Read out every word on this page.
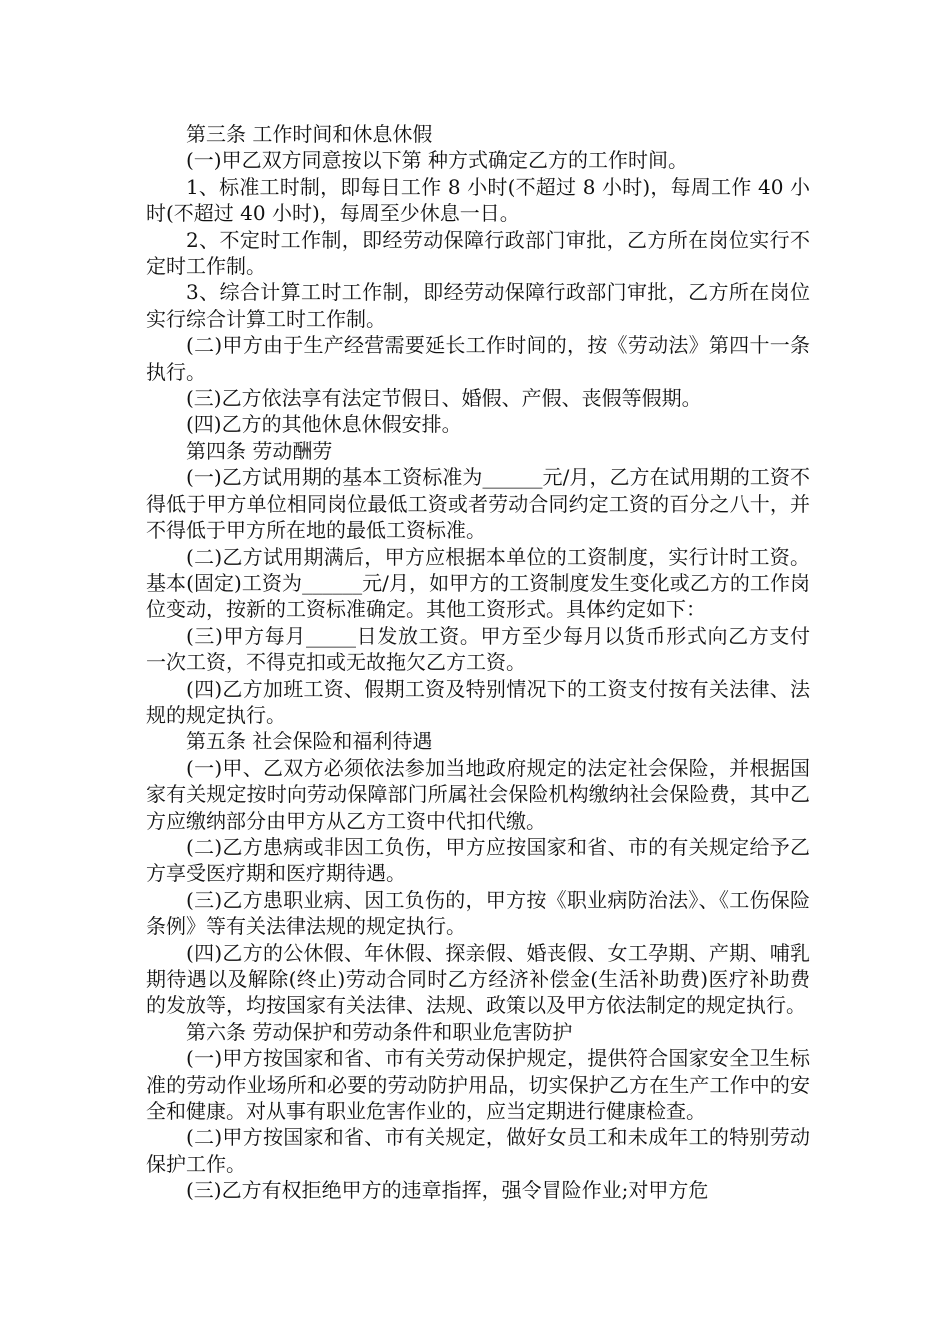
第三条 工作时间和休息休假

(一)甲乙双方同意按以下第 种方式确定乙方的工作时间。

1、标准工时制，即每日工作 8 小时(不超过 8 小时)，每周工作 40 小时(不超过 40 小时)，每周至少休息一日。

2、不定时工作制，即经劳动保障行政部门审批，乙方所在岗位实行不定时工作制。

3、综合计算工时工作制，即经劳动保障行政部门审批，乙方所在岗位实行综合计算工时工作制。

(二)甲方由于生产经营需要延长工作时间的，按《劳动法》第四十一条执行。

(三)乙方依法享有法定节假日、婚假、产假、丧假等假期。

(四)乙方的其他休息休假安排。

第四条 劳动酬劳

(一)乙方试用期的基本工资标准为______元/月，乙方在试用期的工资不得低于甲方单位相同岗位最低工资或者劳动合同约定工资的百分之八十，并不得低于甲方所在地的最低工资标准。

(二)乙方试用期满后，甲方应根据本单位的工资制度，实行计时工资。基本(固定)工资为______元/月，如甲方的工资制度发生变化或乙方的工作岗位变动，按新的工资标准确定。其他工资形式。具体约定如下：

(三)甲方每月_____日发放工资。甲方至少每月以货币形式向乙方支付一次工资，不得克扣或无故拖欠乙方工资。

(四)乙方加班工资、假期工资及特别情况下的工资支付按有关法律、法规的规定执行。

第五条 社会保险和福利待遇

(一)甲、乙双方必须依法参加当地政府规定的法定社会保险，并根据国家有关规定按时向劳动保障部门所属社会保险机构缴纳社会保险费，其中乙方应缴纳部分由甲方从乙方工资中代扣代缴。

(二)乙方患病或非因工负伤，甲方应按国家和省、市的有关规定给予乙方享受医疗期和医疗期待遇。

(三)乙方患职业病、因工负伤的，甲方按《职业病防治法》、《工伤保险条例》等有关法律法规的规定执行。

(四)乙方的公休假、年休假、探亲假、婚丧假、女工孕期、产期、哺乳期待遇以及解除(终止)劳动合同时乙方经济补偿金(生活补助费)医疗补助费的发放等，均按国家有关法律、法规、政策以及甲方依法制定的规定执行。

第六条 劳动保护和劳动条件和职业危害防护

(一)甲方按国家和省、市有关劳动保护规定，提供符合国家安全卫生标准的劳动作业场所和必要的劳动防护用品，切实保护乙方在生产工作中的安全和健康。对从事有职业危害作业的，应当定期进行健康检查。

(二)甲方按国家和省、市有关规定，做好女员工和未成年工的特别劳动保护工作。

(三)乙方有权拒绝甲方的违章指挥，强令冒险作业;对甲方危
